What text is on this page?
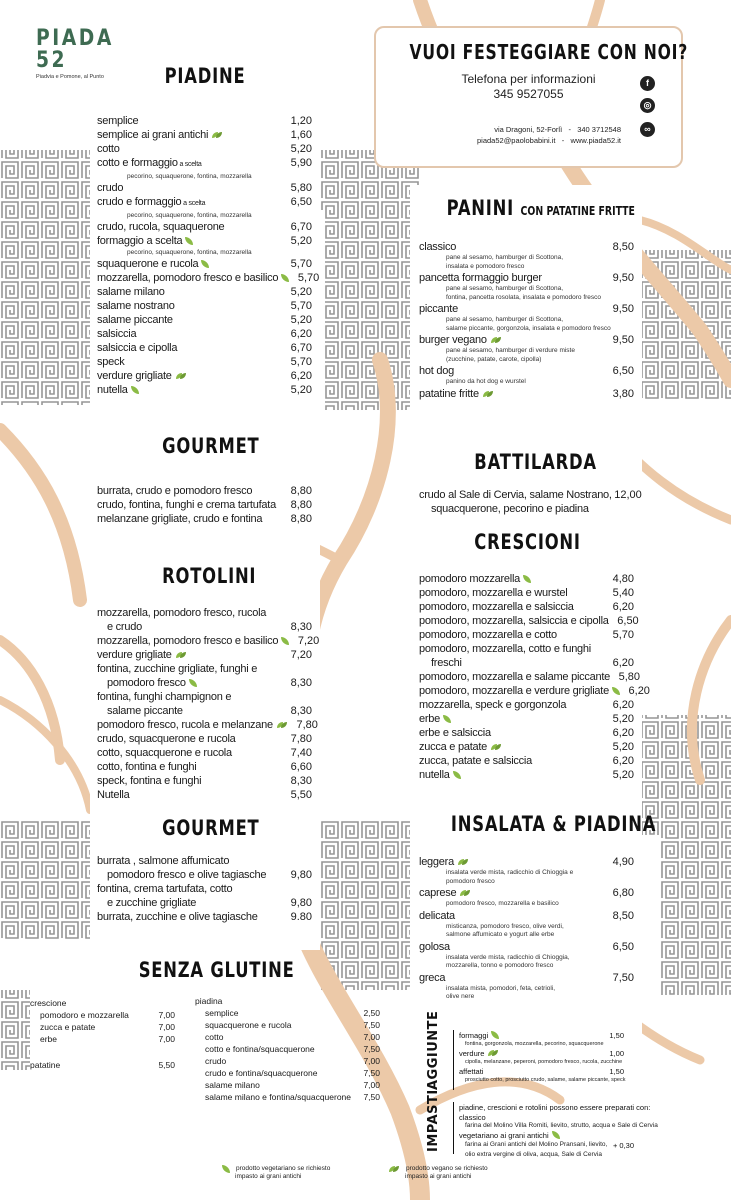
PIADA 52
Piadvia e Pomone, al Punto
VUOI FESTEGGIARE CON NOI?
Telefona per informazioni
345 9527055
via Dragoni, 52-Forlì - 340 3712548
piada52@paolobabini.it - www.piada52.it
f
◎
∞
PIADINE
semplice	1,20
semplice ai grani antichi	1,60
cotto	5,20
cotto e formaggio a scelta	5,90
pecorino, squaquerone, fontina, mozzarella
crudo	5,80
crudo e formaggio a scelta	6,50
pecorino, squaquerone, fontina, mozzarella
crudo, rucola, squaquerone	6,70
formaggio a scelta	5,20
pecorino, squaquerone, fontina, mozzarella
squaquerone e rucola	5,70
mozzarella, pomodoro fresco e basilico	5,70
salame milano	5,20
salame nostrano	5,70
salame piccante	5,20
salsiccia	6,20
salsiccia e cipolla	6,70
speck	5,70
verdure grigliate	6,20
nutella	5,20
GOURMET
burrata, crudo e pomodoro fresco	8,80
crudo, fontina, funghi e crema tartufata	8,80
melanzane grigliate, crudo e fontina	8,80
ROTOLINI
mozzarella, pomodoro fresco, rucola
e crudo	8,30
mozzarella, pomodoro fresco e basilico	7,20
verdure grigliate	7,20
fontina, zucchine grigliate, funghi e
pomodoro fresco	8,30
fontina, funghi champignon e
salame piccante	8,30
pomodoro fresco, rucola e melanzane	7,80
crudo, squacquerone e rucola	7,80
cotto, squacquerone e rucola	7,40
cotto, fontina e funghi	6,60
speck, fontina e funghi	8,30
Nutella	5,50
GOURMET
burrata , salmone affumicato
pomodoro fresco e olive tagiasche	9,80
fontina, crema tartufata, cotto
e zucchine grigliate	9,80
burrata, zucchine e olive tagiasche	9.80
SENZA GLUTINE
crescione
pomodoro e mozzarella	7,00
zucca e patate	7,00
erbe	7,00
patatine	5,50
piadina
semplice	2,50
squacquerone e rucola	7,50
cotto	7,00
cotto e fontina/squacquerone	7,50
crudo	7,00
crudo e fontina/squacquerone	7,50
salame milano	7,00
salame milano e fontina/squacquerone 7,50
PANINI CON PATATINE FRITTE
classico	8,50
pane al sesamo, hamburger di Scottona,
insalata e pomodoro fresco
pancetta formaggio burger	9,50
pane al sesamo, hamburger di Scottona,
fontina, pancetta rosolata, insalata e pomodoro fresco
piccante	9,50
pane al sesamo, hamburger di Scottona,
salame piccante, gorgonzola, insalata e pomodoro fresco
burger vegano	9,50
pane al sesamo, hamburger di verdure miste
(zucchine, patate, carote, cipolla)
hot dog	6,50
panino da hot dog e wurstel
patatine fritte	3,80
BATTILARDA
crudo al Sale di Cervia, salame Nostrano, 12,00
squacquerone, pecorino e piadina
CRESCIONI
pomodoro mozzarella	4,80
pomodoro, mozzarella e wurstel	5,40
pomodoro, mozzarella e salsiccia	6,20
pomodoro, mozzarella, salsiccia e cipolla 6,50
pomodoro, mozzarella e cotto	5,70
pomodoro, mozzarella, cotto e funghi
freschi	6,20
pomodoro, mozzarella e salame piccante 5,80
pomodoro, mozzarella e verdure grigliate	6,20
mozzarella, speck e gorgonzola	6,20
erbe	5,20
erbe e salsiccia	6,20
zucca e patate	5,20
zucca, patate e salsiccia	6,20
nutella	5,20
INSALATA & PIADINA
leggera	4,90
insalata verde mista, radicchio di Chioggia e
pomodoro fresco
caprese	6,80
pomodoro fresco, mozzarella e basilico
delicata	8,50
misticanza, pomodoro fresco, olive verdi,
salmone affumicato e yogurt alle erbe
golosa	6,50
insalata verde mista, radicchio di Chioggia,
mozzarella, tonno e pomodoro fresco
greca	7,50
insalata mista, pomodori, feta, cetrioli,
olive nere
AGGIUNTE formaggi	1,50
fontina, gorgonzola, mozzarella, pecorino, squacquerone
verdure	1,00
cipolla, melanzane, peperoni, pomodoro fresco, rucola, zucchine
affettati	1,50
prosciutto cotto, prosciutto crudo, salame, salame piccante, speck
IMPASTI piadine, crescioni e rotolini possono essere preparati con:
classico
farina del Molino Villa Romiti, lievito, strutto, acqua e Sale di Cervia
vegetariano ai grani antichi
farina ai Grani antichi del Molino Pransani, lievito, + 0,30
olio extra vergine di oliva, acqua, Sale di Cervia
prodotto vegetariano se richiesto
impasto ai grani antichi
prodotto vegano se richiesto
impasto ai grani antichi
